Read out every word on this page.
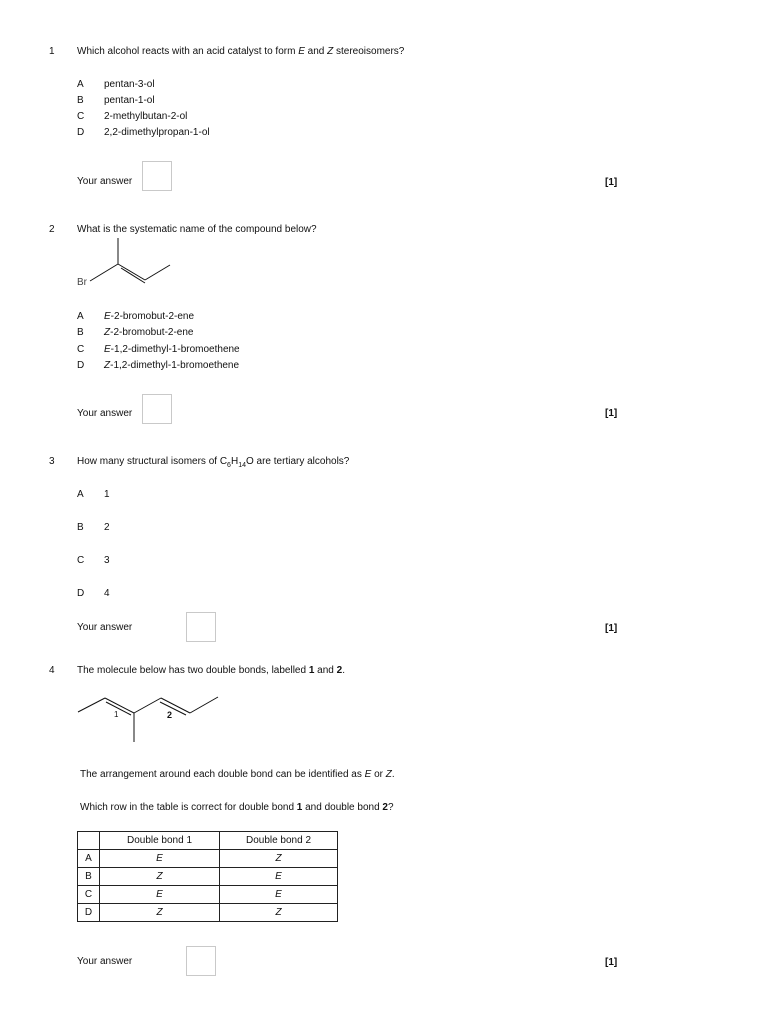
1 Which alcohol reacts with an acid catalyst to form E and Z stereoisomers?
A pentan-3-ol
B pentan-1-ol
C 2-methylbutan-2-ol
D 2,2-dimethylpropan-1-ol
Your answer	[1]
2 What is the systematic name of the compound below?
Br
A E-2-bromobut-2-ene
B Z-2-bromobut-2-ene
C E-1,2-dimethyl-1-bromoethene
D Z-1,2-dimethyl-1-bromoethene
Your answer	[1]
3 How many structural isomers of $C_6H_{14}O$ are tertiary alcohols?
A 1
B 2
C 3
D 4
Your answer	[1]
4 The molecule below has two double bonds, labelled 1 and 2.
1	2
The arrangement around each double bond can be identified as E or Z.
Which row in the table is correct for double bond 1 and double bond 2?
	Double bond 1	Double bond 2
A	E	Z
B	Z	E
C	E	E
D	Z	Z
Your answer	[1]
